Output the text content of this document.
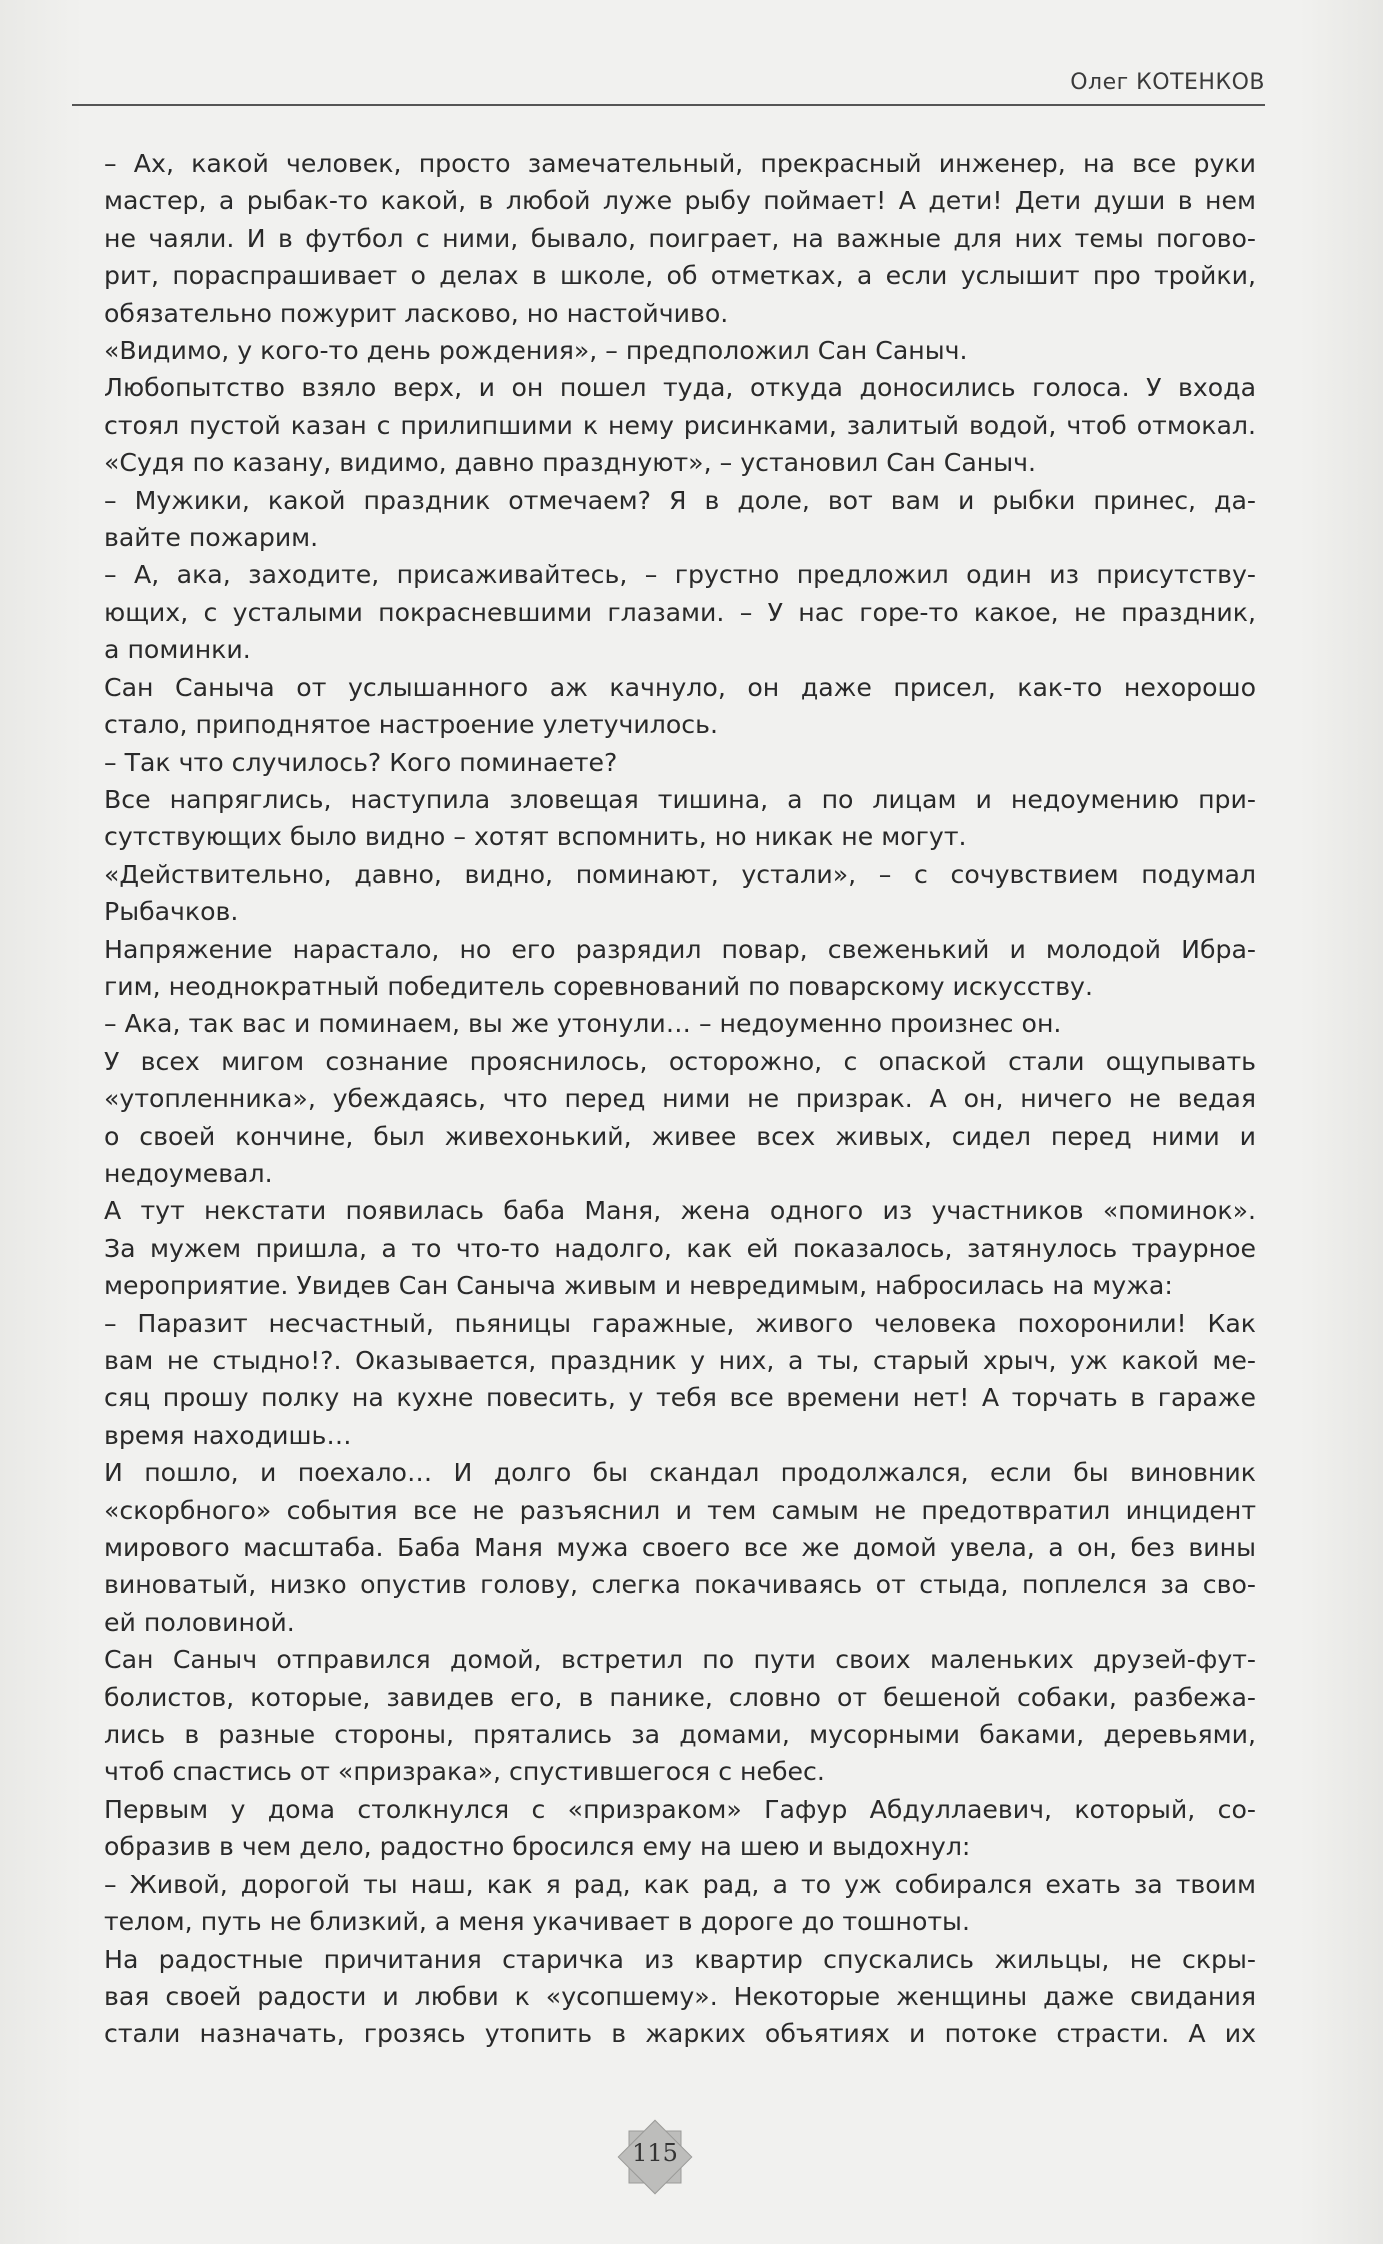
Олег КОТЕНКОВ
– Ах, какой человек, просто замечательный, прекрасный инженер, на все руки
мастер, а рыбак-то какой, в любой луже рыбу поймает! А дети! Дети души в нем
не чаяли. И в футбол с ними, бывало, поиграет, на важные для них темы погово-
рит, пораспрашивает о делах в школе, об отметках, а если услышит про тройки,
обязательно пожурит ласково, но настойчиво.
«Видимо, у кого-то день рождения», – предположил Сан Саныч.
Любопытство взяло верх, и он пошел туда, откуда доносились голоса. У входа
стоял пустой казан с прилипшими к нему рисинками, залитый водой, чтоб отмокал.
«Судя по казану, видимо, давно празднуют», – установил Сан Саныч.
– Мужики, какой праздник отмечаем? Я в доле, вот вам и рыбки принес, да-
вайте пожарим.
– А, ака, заходите, присаживайтесь, – грустно предложил один из присутству-
ющих, с усталыми покрасневшими глазами. – У нас горе-то какое, не праздник,
а поминки.
Сан Саныча от услышанного аж качнуло, он даже присел, как-то нехорошо
стало, приподнятое настроение улетучилось.
– Так что случилось? Кого поминаете?
Все напряглись, наступила зловещая тишина, а по лицам и недоумению при-
сутствующих было видно – хотят вспомнить, но никак не могут.
«Действительно, давно, видно, поминают, устали», – с сочувствием подумал
Рыбачков.
Напряжение нарастало, но его разрядил повар, свеженький и молодой Ибра-
гим, неоднократный победитель соревнований по поварскому искусству.
– Ака, так вас и поминаем, вы же утонули… – недоуменно произнес он.
У всех мигом сознание прояснилось, осторожно, с опаской стали ощупывать
«утопленника», убеждаясь, что перед ними не призрак. А он, ничего не ведая
о своей кончине, был живехонький, живее всех живых, сидел перед ними и
недоумевал.
А тут некстати появилась баба Маня, жена одного из участников «поминок».
За мужем пришла, а то что-то надолго, как ей показалось, затянулось траурное
мероприятие. Увидев Сан Саныча живым и невредимым, набросилась на мужа:
– Паразит несчастный, пьяницы гаражные, живого человека похоронили! Как
вам не стыдно!?. Оказывается, праздник у них, а ты, старый хрыч, уж какой ме-
сяц прошу полку на кухне повесить, у тебя все времени нет! А торчать в гараже
время находишь…
И пошло, и поехало… И долго бы скандал продолжался, если бы виновник
«скорбного» события все не разъяснил и тем самым не предотвратил инцидент
мирового масштаба. Баба Маня мужа своего все же домой увела, а он, без вины
виноватый, низко опустив голову, слегка покачиваясь от стыда, поплелся за сво-
ей половиной.
Сан Саныч отправился домой, встретил по пути своих маленьких друзей-фут-
болистов, которые, завидев его, в панике, словно от бешеной собаки, разбежа-
лись в разные стороны, прятались за домами, мусорными баками, деревьями,
чтоб спастись от «призрака», спустившегося с небес.
Первым у дома столкнулся с «призраком» Гафур Абдуллаевич, который, со-
образив в чем дело, радостно бросился ему на шею и выдохнул:
– Живой, дорогой ты наш, как я рад, как рад, а то уж собирался ехать за твоим
телом, путь не близкий, а меня укачивает в дороге до тошноты.
На радостные причитания старичка из квартир спускались жильцы, не скры-
вая своей радости и любви к «усопшему». Некоторые женщины даже свидания
стали назначать, грозясь утопить в жарких объятиях и потоке страсти. А их
115
